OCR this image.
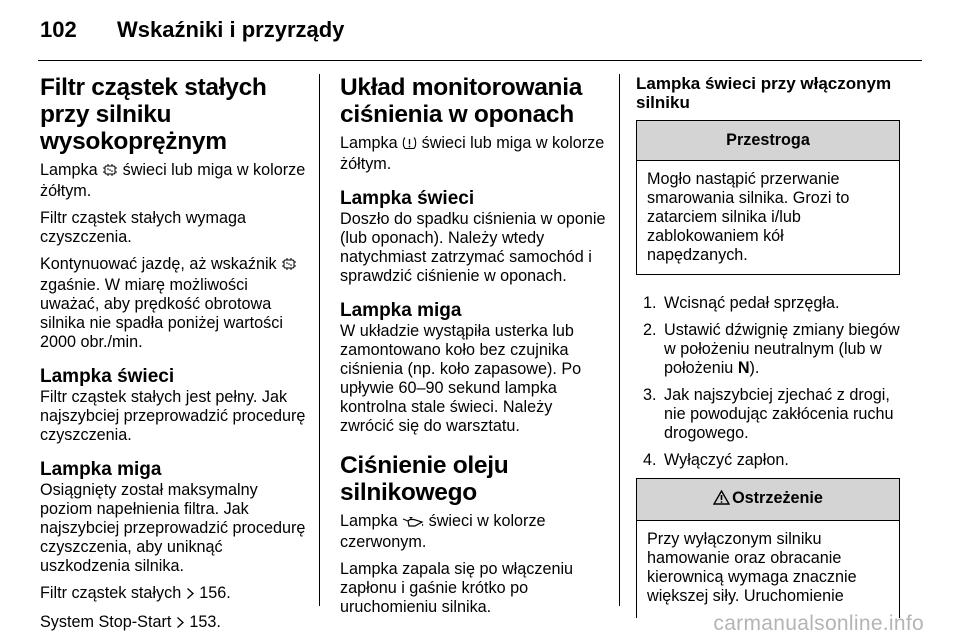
102 Wskaźniki i przyrządy
Filtr cząstek stałych przy silniku wysokoprężnym

Lampka świeci lub miga w kolorze żółtym.

Filtr cząstek stałych wymaga czyszczenia.

Kontynuować jazdę, aż wskaźnik  zgaśnie. W miarę możliwości uważać, aby prędkość obrotowa silnika nie spadła poniżej wartości 2000 obr./min.

Lampka świeci

Filtr cząstek stałych jest pełny. Jak najszybciej przeprowadzić procedurę czyszczenia.

Lampka miga

Osiągnięty został maksymalny poziom napełnienia filtra. Jak najszybciej przeprowadzić procedurę czyszczenia, aby uniknąć uszkodzenia silnika.

Filtr cząstek stałych 156.

System Stop-Start 153.

Układ monitorowania ciśnienia w oponach

Lampka świeci lub miga w kolorze żółtym.

Lampka świeci

Doszło do spadku ciśnienia w oponie (lub oponach). Należy wtedy natychmiast zatrzymać samochód i sprawdzić ciśnienie w oponach.

Lampka miga

W układzie wystąpiła usterka lub zamontowano koło bez czujnika ciśnienia (np. koło zapasowe). Po upływie 60–90 sekund lampka kontrolna stale świeci. Należy zwrócić się do warsztatu.

Ciśnienie oleju silnikowego

Lampka świeci w kolorze czerwonym.

Lampka zapala się po włączeniu zapłonu i gaśnie krótko po uruchomieniu silnika.

Lampka świeci przy włączonym silniku
Przestroga

Mogło nastąpić przerwanie smarowania silnika. Grozi to zatarciem silnika i/lub zablokowaniem kół napędzanych.

1. Wcisnąć pedał sprzęgła.
2. Ustawić dźwignię zmiany biegów w położeniu neutralnym (lub w położeniu N).
3. Jak najszybciej zjechać z drogi, nie powodując zakłócenia ruchu drogowego.
4. Wyłączyć zapłon.
Ostrzeżenie

Przy wyłączonym silniku hamowanie oraz obracanie kierownicą wymaga znacznie większej siły. Uruchomienie

carmanualsonline.info
